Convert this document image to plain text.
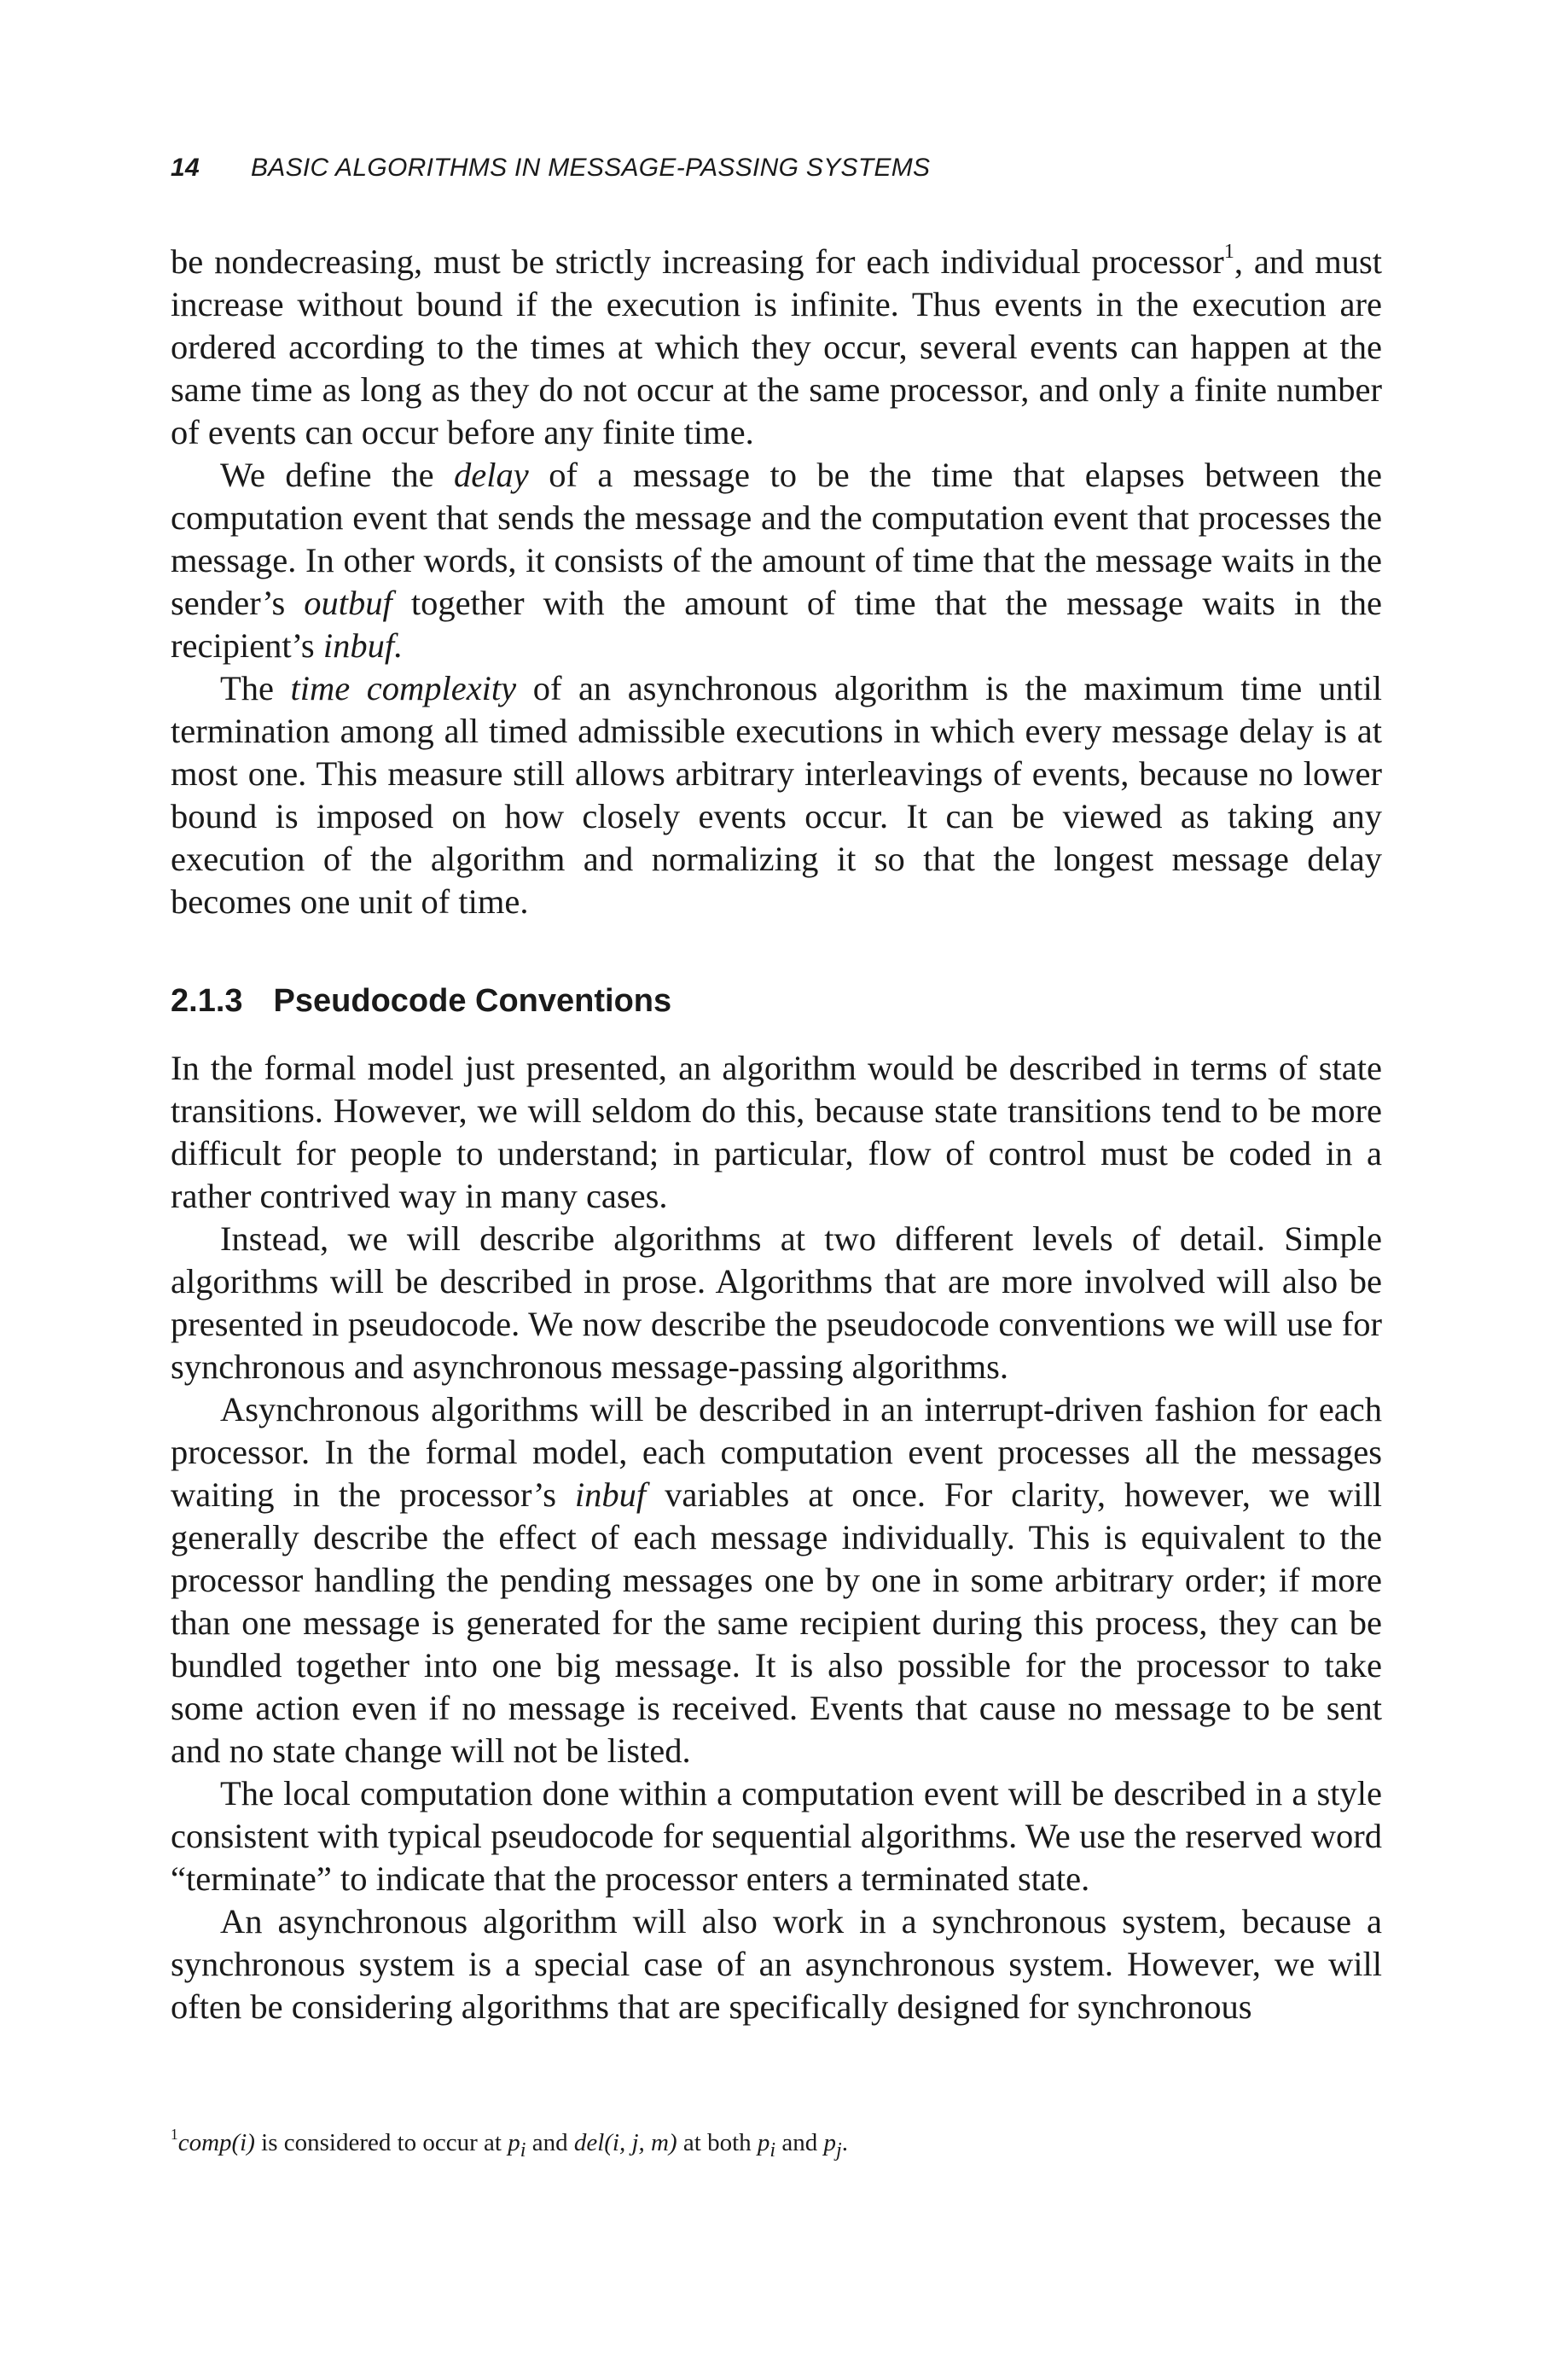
14 BASIC ALGORITHMS IN MESSAGE-PASSING SYSTEMS

be nondecreasing, must be strictly increasing for each individual processor$^1$, and must increase without bound if the execution is infinite. Thus events in the execution are ordered according to the times at which they occur, several events can happen at the same time as long as they do not occur at the same processor, and only a finite number of events can occur before any finite time.

We define the delay of a message to be the time that elapses between the computation event that sends the message and the computation event that processes the message. In other words, it consists of the amount of time that the message waits in the sender’s outbuf together with the amount of time that the message waits in the recipient’s inbuf.

The time complexity of an asynchronous algorithm is the maximum time until termination among all timed admissible executions in which every message delay is at most one. This measure still allows arbitrary interleavings of events, because no lower bound is imposed on how closely events occur. It can be viewed as taking any execution of the algorithm and normalizing it so that the longest message delay becomes one unit of time.

2.1.3 Pseudocode Conventions

In the formal model just presented, an algorithm would be described in terms of state transitions. However, we will seldom do this, because state transitions tend to be more difficult for people to understand; in particular, flow of control must be coded in a rather contrived way in many cases.

Instead, we will describe algorithms at two different levels of detail. Simple algorithms will be described in prose. Algorithms that are more involved will also be presented in pseudocode. We now describe the pseudocode conventions we will use for synchronous and asynchronous message-passing algorithms.

Asynchronous algorithms will be described in an interrupt-driven fashion for each processor. In the formal model, each computation event processes all the messages waiting in the processor’s inbuf variables at once. For clarity, however, we will generally describe the effect of each message individually. This is equivalent to the processor handling the pending messages one by one in some arbitrary order; if more than one message is generated for the same recipient during this process, they can be bundled together into one big message. It is also possible for the processor to take some action even if no message is received. Events that cause no message to be sent and no state change will not be listed.

The local computation done within a computation event will be described in a style consistent with typical pseudocode for sequential algorithms. We use the reserved word “terminate” to indicate that the processor enters a terminated state.

An asynchronous algorithm will also work in a synchronous system, because a synchronous system is a special case of an asynchronous system. However, we will often be considering algorithms that are specifically designed for synchronous

$^1$comp(i) is considered to occur at $p_i$ and del(i, j, m) at both $p_i$ and $p_j$.
